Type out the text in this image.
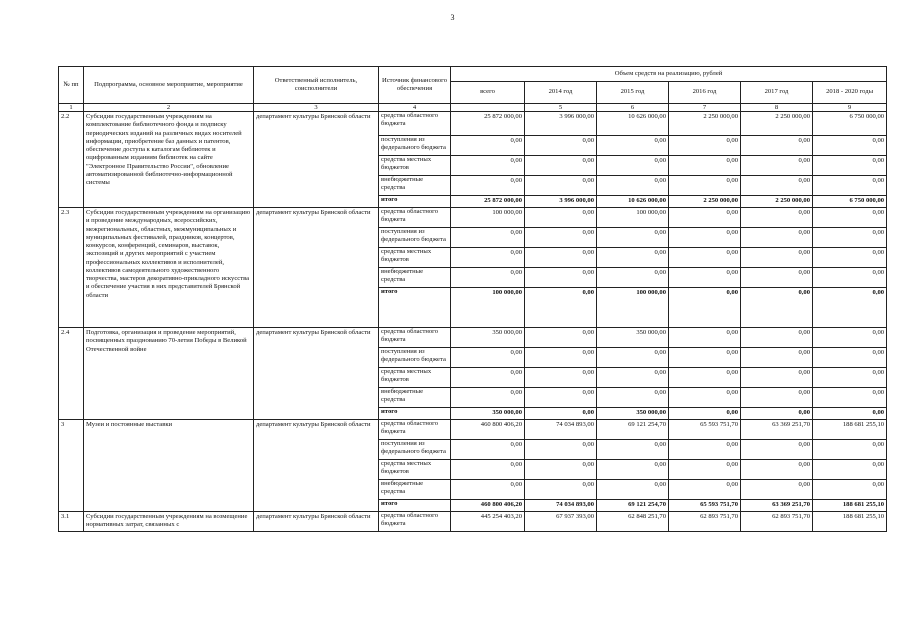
3
№ пп	Подпрограмма, основное мероприятие, мероприятие	Ответственный исполнитель, соисполнители	Источник финансового обеспечения	Объем средств на реализацию, рублей					
				всего	2014 год	2015 год	2016 год	2017 год	2018 - 2020 годы
1	2	3	4		5	6	7	8	9
2.2	Субсидии государственным учреждениям на комплектование библиотечного фонда и подписку периодических изданий на различных видах носителей информации, приобретение баз данных и патентов, обеспечение доступа к каталогам библиотек и оцифрованным изданиям библиотек на сайте "Электронное Правительство России", обновление автоматизированной библиотечно-информационной системы	департамент культуры Брянской области	средства областного бюджета	25 872 000,00	3 996 000,00	10 626 000,00	2 250 000,00	2 250 000,00	6 750 000,00
			поступления из федерального бюджета	0,00	0,00	0,00	0,00	0,00	0,00
			средства местных бюджетов	0,00	0,00	0,00	0,00	0,00	0,00
			внебюджетные средства	0,00	0,00	0,00	0,00	0,00	0,00
			итого	25 872 000,00	3 996 000,00	10 626 000,00	2 250 000,00	2 250 000,00	6 750 000,00
2.3	Субсидии государственным учреждениям на организацию и проведение международных, всероссийских, межрегиональных, областных, межмуниципальных и муниципальных фестивалей, праздников, концертов, конкурсов, конференций, семинаров, выставок, экспозиций и других мероприятий с участием профессиональных коллективов и исполнителей, коллективов самодеятельного художественного творчества, мастеров декоративно-прикладного искусства и обеспечение участия в них представителей Брянской области	департамент культуры Брянской области	средства областного бюджета	100 000,00	0,00	100 000,00	0,00	0,00	0,00
			поступления из федерального бюджета	0,00	0,00	0,00	0,00	0,00	0,00
			средства местных бюджетов	0,00	0,00	0,00	0,00	0,00	0,00
			внебюджетные средства	0,00	0,00	0,00	0,00	0,00	0,00
			итого	100 000,00	0,00	100 000,00	0,00	0,00	0,00
2.4	Подготовка, организация и проведение мероприятий, посвященных празднованию 70-летия Победы в Великой Отечественной войне	департамент культуры Брянской области	средства областного бюджета	350 000,00	0,00	350 000,00	0,00	0,00	0,00
			поступления из федерального бюджета	0,00	0,00	0,00	0,00	0,00	0,00
			средства местных бюджетов	0,00	0,00	0,00	0,00	0,00	0,00
			внебюджетные средства	0,00	0,00	0,00	0,00	0,00	0,00
			итого	350 000,00	0,00	350 000,00	0,00	0,00	0,00
3	Музеи и постоянные выставки	департамент культуры Брянской области	средства областного бюджета	460 800 406,20	74 034 893,00	69 121 254,70	65 593 751,70	63 369 251,70	188 681 255,10
			поступления из федерального бюджета	0,00	0,00	0,00	0,00	0,00	0,00
			средства местных бюджетов	0,00	0,00	0,00	0,00	0,00	0,00
			внебюджетные средства	0,00	0,00	0,00	0,00	0,00	0,00
			итого	460 800 406,20	74 034 893,00	69 121 254,70	65 593 751,70	63 369 251,70	188 681 255,10
3.1	Субсидии государственным учреждениям на возмещение нормативных затрат, связанных с	департамент культуры Брянской области	средства областного бюджета	445 254 403,20	67 937 393,00	62 848 251,70	62 893 751,70	62 893 751,70	188 681 255,10
